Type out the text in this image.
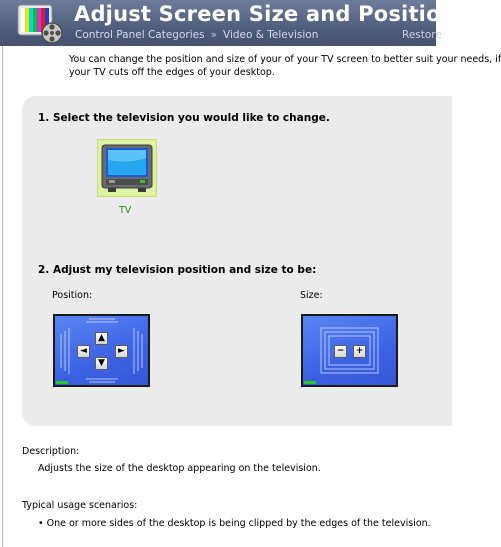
Adjust Screen Size and Position
Control Panel Categories » Video & Television	Restore
You can change the position and size of your of your TV screen to better suit your needs, if
your TV cuts off the edges of your desktop.
1. Select the television you would like to change.
TV
2. Adjust my television position and size to be:
Position:	Size:
▲
◄	►
▼
−	+
Description:
Adjusts the size of the desktop appearing on the television.
Typical usage scenarios:
• One or more sides of the desktop is being clipped by the edges of the television.
